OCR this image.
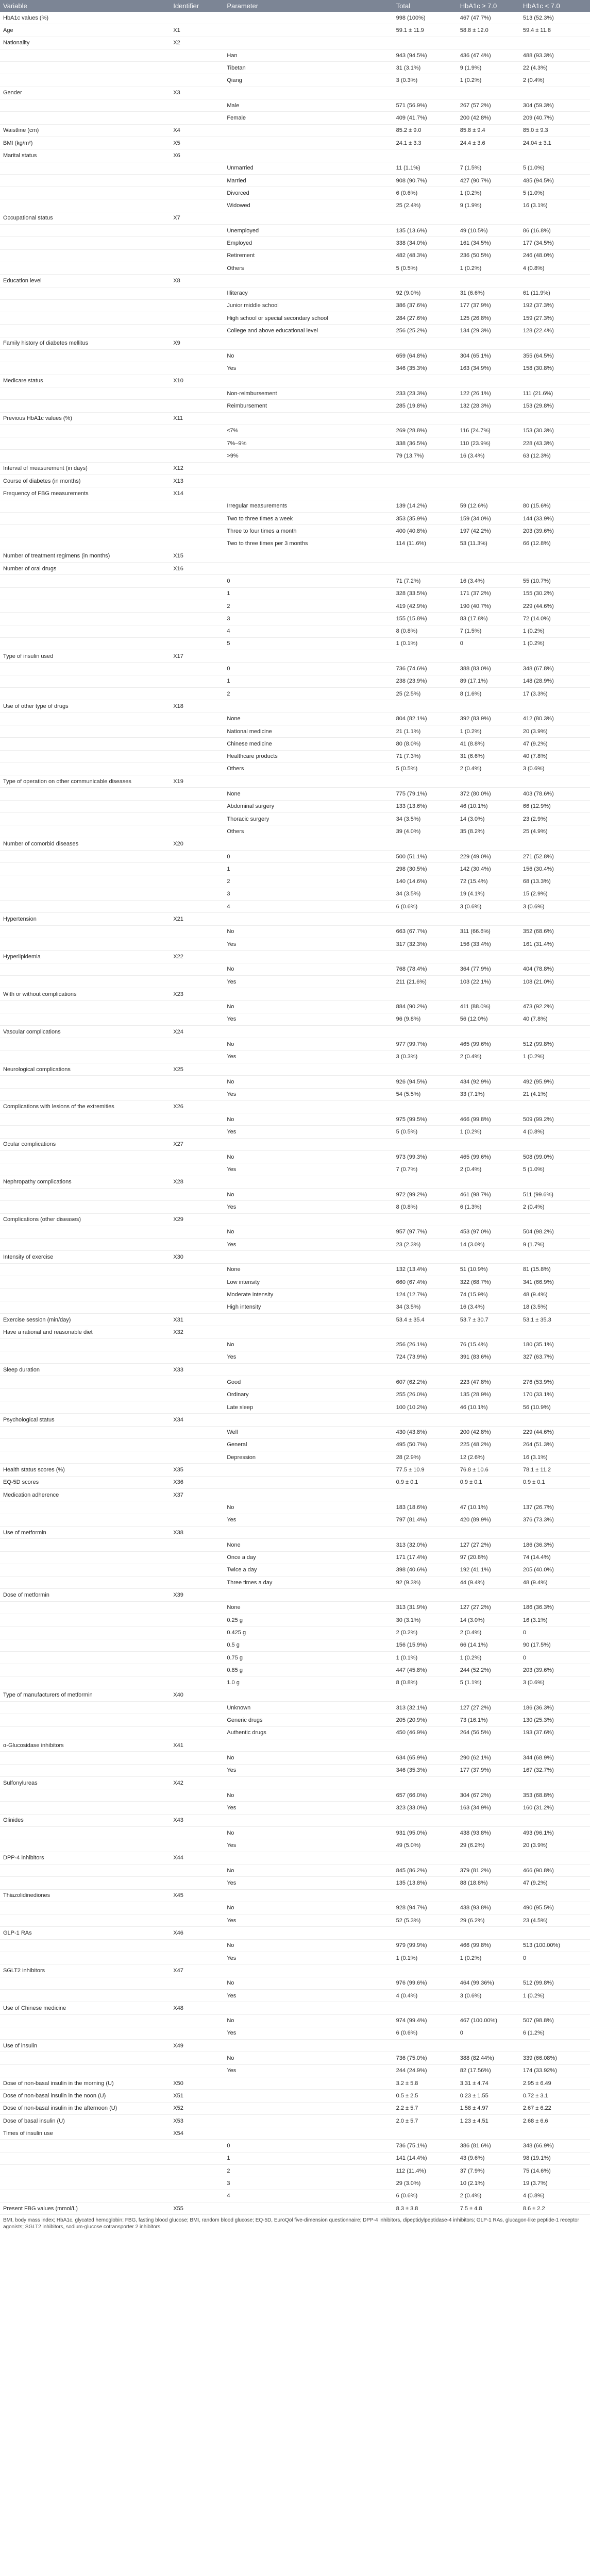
Variable	Identifier	Parameter	Total	HbA1c ≥ 7.0	HbA1c < 7.0
HbA1c values (%)			998 (100%)	467 (47.7%)	513 (52.3%)
Age	X1		59.1 ± 11.9	58.8 ± 12.0	59.4 ± 11.8
Nationality	X2				
		Han	943 (94.5%)	436 (47.4%)	488 (93.3%)
		Tibetan	31 (3.1%)	9 (1.9%)	22 (4.3%)
		Qiang	3 (0.3%)	1 (0.2%)	2 (0.4%)
Gender	X3				
		Male	571 (56.9%)	267 (57.2%)	304 (59.3%)
		Female	409 (41.7%)	200 (42.8%)	209 (40.7%)
Waistline (cm)	X4		85.2 ± 9.0	85.8 ± 9.4	85.0 ± 9.3
BMI (kg/m²)	X5		24.1 ± 3.3	24.4 ± 3.6	24.04 ± 3.1
Marital status	X6				
		Unmarried	11 (1.1%)	7 (1.5%)	5 (1.0%)
		Married	908 (90.7%)	427 (90.7%)	485 (94.5%)
		Divorced	6 (0.6%)	1 (0.2%)	5 (1.0%)
		Widowed	25 (2.4%)	9 (1.9%)	16 (3.1%)
Occupational status	X7				
		Unemployed	135 (13.6%)	49 (10.5%)	86 (16.8%)
		Employed	338 (34.0%)	161 (34.5%)	177 (34.5%)
		Retirement	482 (48.3%)	236 (50.5%)	246 (48.0%)
		Others	5 (0.5%)	1 (0.2%)	4 (0.8%)
Education level	X8				
		Illiteracy	92 (9.0%)	31 (6.6%)	61 (11.9%)
		Junior middle school	386 (37.6%)	177 (37.9%)	192 (37.3%)
		High school or special secondary school	284 (27.6%)	125 (26.8%)	159 (27.3%)
		College and above educational level	256 (25.2%)	134 (29.3%)	128 (22.4%)
Family history of diabetes mellitus	X9				
		No	659 (64.8%)	304 (65.1%)	355 (64.5%)
		Yes	346 (35.3%)	163 (34.9%)	158 (30.8%)
Medicare status	X10				
		Non-reimbursement	233 (23.3%)	122 (26.1%)	111 (21.6%)
		Reimbursement	285 (19.8%)	132 (28.3%)	153 (29.8%)
Previous HbA1c values (%)	X11				
		≤7%	269 (28.8%)	116 (24.7%)	153 (30.3%)
		7%–9%	338 (36.5%)	110 (23.9%)	228 (43.3%)
		>9%	79 (13.7%)	16 (3.4%)	63 (12.3%)
Interval of measurement (in days)	X12				
Course of diabetes (in months)	X13				
Frequency of FBG measurements	X14				
		Irregular measurements	139 (14.2%)	59 (12.6%)	80 (15.6%)
		Two to three times a week	353 (35.9%)	159 (34.0%)	144 (33.9%)
		Three to four times a month	400 (40.8%)	197 (42.2%)	203 (39.6%)
		Two to three times per 3 months	114 (11.6%)	53 (11.3%)	66 (12.8%)
Number of treatment regimens (in months)	X15				
Number of oral drugs	X16				
		0	71 (7.2%)	16 (3.4%)	55 (10.7%)
		1	328 (33.5%)	171 (37.2%)	155 (30.2%)
		2	419 (42.9%)	190 (40.7%)	229 (44.6%)
		3	155 (15.8%)	83 (17.8%)	72 (14.0%)
		4	8 (0.8%)	7 (1.5%)	1 (0.2%)
		5	1 (0.1%)	0	1 (0.2%)
Type of insulin used	X17				
		0	736 (74.6%)	388 (83.0%)	348 (67.8%)
		1	238 (23.9%)	89 (17.1%)	148 (28.9%)
		2	25 (2.5%)	8 (1.6%)	17 (3.3%)
Use of other type of drugs	X18				
		None	804 (82.1%)	392 (83.9%)	412 (80.3%)
		National medicine	21 (1.1%)	1 (0.2%)	20 (3.9%)
		Chinese medicine	80 (8.0%)	41 (8.8%)	47 (9.2%)
		Healthcare products	71 (7.3%)	31 (6.6%)	40 (7.8%)
		Others	5 (0.5%)	2 (0.4%)	3 (0.6%)
Type of operation on other communicable diseases	X19				
		None	775 (79.1%)	372 (80.0%)	403 (78.6%)
		Abdominal surgery	133 (13.6%)	46 (10.1%)	66 (12.9%)
		Thoracic surgery	34 (3.5%)	14 (3.0%)	23 (2.9%)
		Others	39 (4.0%)	35 (8.2%)	25 (4.9%)
Number of comorbid diseases	X20				
		0	500 (51.1%)	229 (49.0%)	271 (52.8%)
		1	298 (30.5%)	142 (30.4%)	156 (30.4%)
		2	140 (14.6%)	72 (15.4%)	68 (13.3%)
		3	34 (3.5%)	19 (4.1%)	15 (2.9%)
		4	6 (0.6%)	3 (0.6%)	3 (0.6%)
Hypertension	X21				
		No	663 (67.7%)	311 (66.6%)	352 (68.6%)
		Yes	317 (32.3%)	156 (33.4%)	161 (31.4%)
Hyperlipidemia	X22				
		No	768 (78.4%)	364 (77.9%)	404 (78.8%)
		Yes	211 (21.6%)	103 (22.1%)	108 (21.0%)
With or without complications	X23				
		No	884 (90.2%)	411 (88.0%)	473 (92.2%)
		Yes	96 (9.8%)	56 (12.0%)	40 (7.8%)
Vascular complications	X24				
		No	977 (99.7%)	465 (99.6%)	512 (99.8%)
		Yes	3 (0.3%)	2 (0.4%)	1 (0.2%)
Neurological complications	X25				
		No	926 (94.5%)	434 (92.9%)	492 (95.9%)
		Yes	54 (5.5%)	33 (7.1%)	21 (4.1%)
Complications with lesions of the extremities	X26				
		No	975 (99.5%)	466 (99.8%)	509 (99.2%)
		Yes	5 (0.5%)	1 (0.2%)	4 (0.8%)
Ocular complications	X27				
		No	973 (99.3%)	465 (99.6%)	508 (99.0%)
		Yes	7 (0.7%)	2 (0.4%)	5 (1.0%)
Nephropathy complications	X28				
		No	972 (99.2%)	461 (98.7%)	511 (99.6%)
		Yes	8 (0.8%)	6 (1.3%)	2 (0.4%)
Complications (other diseases)	X29				
		No	957 (97.7%)	453 (97.0%)	504 (98.2%)
		Yes	23 (2.3%)	14 (3.0%)	9 (1.7%)
Intensity of exercise	X30				
		None	132 (13.4%)	51 (10.9%)	81 (15.8%)
		Low intensity	660 (67.4%)	322 (68.7%)	341 (66.9%)
		Moderate intensity	124 (12.7%)	74 (15.9%)	48 (9.4%)
		High intensity	34 (3.5%)	16 (3.4%)	18 (3.5%)
Exercise session (min/day)	X31		53.4 ± 35.4	53.7 ± 30.7	53.1 ± 35.3
Have a rational and reasonable diet	X32				
		No	256 (26.1%)	76 (15.4%)	180 (35.1%)
		Yes	724 (73.9%)	391 (83.6%)	327 (63.7%)
Sleep duration	X33				
		Good	607 (62.2%)	223 (47.8%)	276 (53.9%)
		Ordinary	255 (26.0%)	135 (28.9%)	170 (33.1%)
		Late sleep	100 (10.2%)	46 (10.1%)	56 (10.9%)
Psychological status	X34				
		Well	430 (43.8%)	200 (42.8%)	229 (44.6%)
		General	495 (50.7%)	225 (48.2%)	264 (51.3%)
		Depression	28 (2.9%)	12 (2.6%)	16 (3.1%)
Health status scores (%)	X35		77.5 ± 10.9	76.8 ± 10.6	78.1 ± 11.2
EQ-5D scores	X36		0.9 ± 0.1	0.9 ± 0.1	0.9 ± 0.1
Medication adherence	X37				
		No	183 (18.6%)	47 (10.1%)	137 (26.7%)
		Yes	797 (81.4%)	420 (89.9%)	376 (73.3%)
Use of metformin	X38				
		None	313 (32.0%)	127 (27.2%)	186 (36.3%)
		Once a day	171 (17.4%)	97 (20.8%)	74 (14.4%)
		Twice a day	398 (40.6%)	192 (41.1%)	205 (40.0%)
		Three times a day	92 (9.3%)	44 (9.4%)	48 (9.4%)
Dose of metformin	X39				
		None	313 (31.9%)	127 (27.2%)	186 (36.3%)
		0.25 g	30 (3.1%)	14 (3.0%)	16 (3.1%)
		0.425 g	2 (0.2%)	2 (0.4%)	0
		0.5 g	156 (15.9%)	66 (14.1%)	90 (17.5%)
		0.75 g	1 (0.1%)	1 (0.2%)	0
		0.85 g	447 (45.8%)	244 (52.2%)	203 (39.6%)
		1.0 g	8 (0.8%)	5 (1.1%)	3 (0.6%)
Type of manufacturers of metformin	X40				
		Unknown	313 (32.1%)	127 (27.2%)	186 (36.3%)
		Generic drugs	205 (20.9%)	73 (16.1%)	130 (25.3%)
		Authentic drugs	450 (46.9%)	264 (56.5%)	193 (37.6%)
α-Glucosidase inhibitors	X41				
		No	634 (65.9%)	290 (62.1%)	344 (68.9%)
		Yes	346 (35.3%)	177 (37.9%)	167 (32.7%)
Sulfonylureas	X42				
		No	657 (66.0%)	304 (67.2%)	353 (68.8%)
		Yes	323 (33.0%)	163 (34.9%)	160 (31.2%)
Glinides	X43				
		No	931 (95.0%)	438 (93.8%)	493 (96.1%)
		Yes	49 (5.0%)	29 (6.2%)	20 (3.9%)
DPP-4 inhibitors	X44				
		No	845 (86.2%)	379 (81.2%)	466 (90.8%)
		Yes	135 (13.8%)	88 (18.8%)	47 (9.2%)
Thiazolidinediones	X45				
		No	928 (94.7%)	438 (93.8%)	490 (95.5%)
		Yes	52 (5.3%)	29 (6.2%)	23 (4.5%)
GLP-1 RAs	X46				
		No	979 (99.9%)	466 (99.8%)	513 (100.00%)
		Yes	1 (0.1%)	1 (0.2%)	0
SGLT2 inhibitors	X47				
		No	976 (99.6%)	464 (99.36%)	512 (99.8%)
		Yes	4 (0.4%)	3 (0.6%)	1 (0.2%)
Use of Chinese medicine	X48				
		No	974 (99.4%)	467 (100.00%)	507 (98.8%)
		Yes	6 (0.6%)	0	6 (1.2%)
Use of insulin	X49				
		No	736 (75.0%)	388 (82.44%)	339 (66.08%)
		Yes	244 (24.9%)	82 (17.56%)	174 (33.92%)
Dose of non-basal insulin in the morning (U)	X50		3.2 ± 5.8	3.31 ± 4.74	2.95 ± 6.49
Dose of non-basal insulin in the noon (U)	X51		0.5 ± 2.5	0.23 ± 1.55	0.72 ± 3.1
Dose of non-basal insulin in the afternoon (U)	X52		2.2 ± 5.7	1.58 ± 4.97	2.67 ± 6.22
Dose of basal insulin (U)	X53		2.0 ± 5.7	1.23 ± 4.51	2.68 ± 6.6
Times of insulin use	X54				
		0	736 (75.1%)	386 (81.6%)	348 (66.9%)
		1	141 (14.4%)	43 (9.6%)	98 (19.1%)
		2	112 (11.4%)	37 (7.9%)	75 (14.6%)
		3	29 (3.0%)	10 (2.1%)	19 (3.7%)
		4	6 (0.6%)	2 (0.4%)	4 (0.8%)
Present FBG values (mmol/L)	X55		8.3 ± 3.8	7.5 ± 4.8	8.6 ± 2.2
BMI, body mass index; HbA1c, glycated hemoglobin; FBG, fasting blood glucose; BMI, random blood glucose; EQ-5D, EuroQol five-dimension questionnaire; DPP-4 inhibitors, dipeptidylpeptidase-4 inhibitors; GLP-1 RAs, glucagon-like peptide-1 receptor agonists; SGLT2 inhibitors, sodium-glucose cotransporter 2 inhibitors.
